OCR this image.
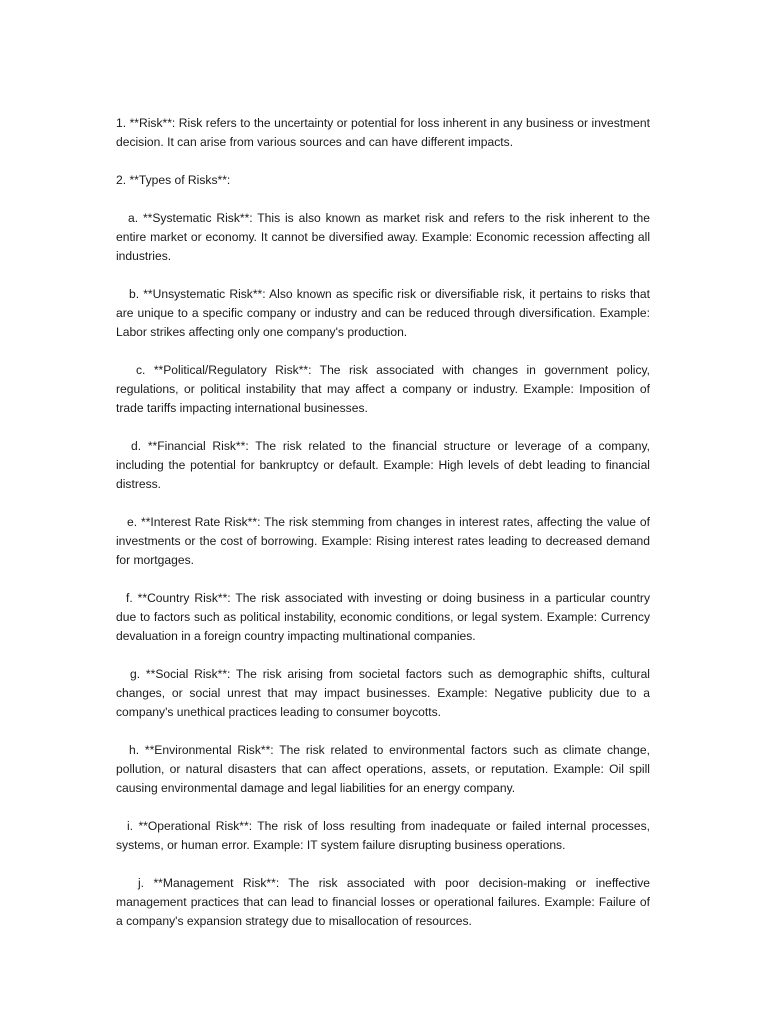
1. **Risk**: Risk refers to the uncertainty or potential for loss inherent in any business or investment decision. It can arise from various sources and can have different impacts.

2. **Types of Risks**:

a. **Systematic Risk**: This is also known as market risk and refers to the risk inherent to the entire market or economy. It cannot be diversified away. Example: Economic recession affecting all industries.

b. **Unsystematic Risk**: Also known as specific risk or diversifiable risk, it pertains to risks that are unique to a specific company or industry and can be reduced through diversification. Example: Labor strikes affecting only one company's production.

c. **Political/Regulatory Risk**: The risk associated with changes in government policy, regulations, or political instability that may affect a company or industry. Example: Imposition of trade tariffs impacting international businesses.

d. **Financial Risk**: The risk related to the financial structure or leverage of a company, including the potential for bankruptcy or default. Example: High levels of debt leading to financial distress.

e. **Interest Rate Risk**: The risk stemming from changes in interest rates, affecting the value of investments or the cost of borrowing. Example: Rising interest rates leading to decreased demand for mortgages.

f. **Country Risk**: The risk associated with investing or doing business in a particular country due to factors such as political instability, economic conditions, or legal system. Example: Currency devaluation in a foreign country impacting multinational companies.

g. **Social Risk**: The risk arising from societal factors such as demographic shifts, cultural changes, or social unrest that may impact businesses. Example: Negative publicity due to a company's unethical practices leading to consumer boycotts.

h. **Environmental Risk**: The risk related to environmental factors such as climate change, pollution, or natural disasters that can affect operations, assets, or reputation. Example: Oil spill causing environmental damage and legal liabilities for an energy company.

i. **Operational Risk**: The risk of loss resulting from inadequate or failed internal processes, systems, or human error. Example: IT system failure disrupting business operations.

j. **Management Risk**: The risk associated with poor decision-making or ineffective management practices that can lead to financial losses or operational failures. Example: Failure of a company's expansion strategy due to misallocation of resources.
